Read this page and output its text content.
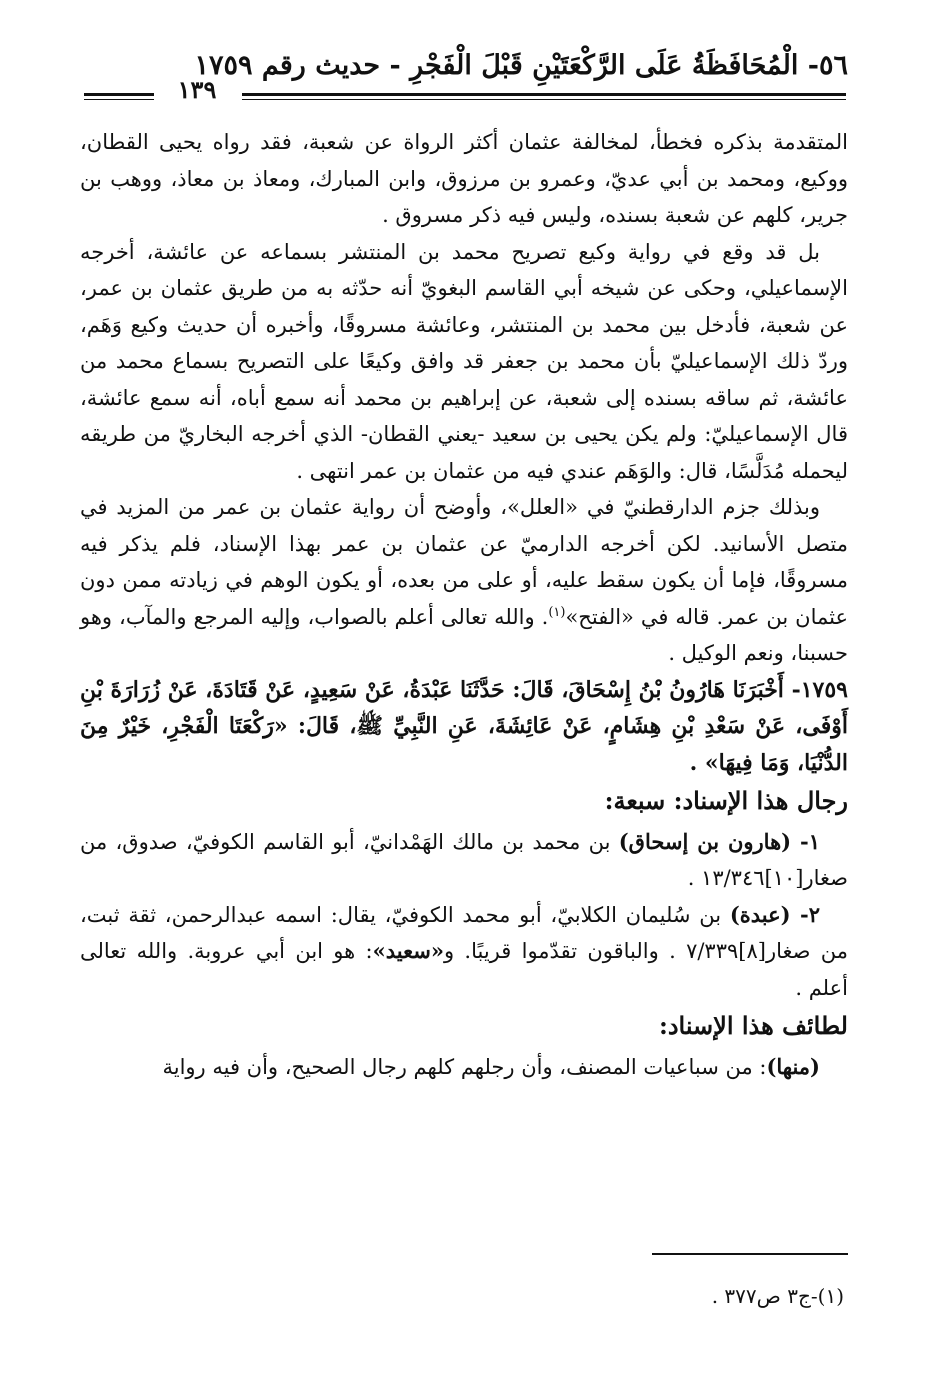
٥٦- الْمُحَافَظَةُ عَلَى الرَّكْعَتَيْنِ قَبْلَ الْفَجْرِ - حديث رقم ١٧٥٩
١٣٩

المتقدمة بذكره فخطأ، لمخالفة عثمان أكثر الرواة عن شعبة، فقد رواه يحيى القطان، ووكيع، ومحمد بن أبي عديّ، وعمرو بن مرزوق، وابن المبارك، ومعاذ بن معاذ، ووهب بن جرير، كلهم عن شعبة بسنده، وليس فيه ذكر مسروق .

بل قد وقع في رواية وكيع تصريح محمد بن المنتشر بسماعه عن عائشة، أخرجه الإسماعيلي، وحكى عن شيخه أبي القاسم البغويّ أنه حدّثه به من طريق عثمان بن عمر، عن شعبة، فأدخل بين محمد بن المنتشر، وعائشة مسروقًا، وأخبره أن حديث وكيع وَهَم، وردّ ذلك الإسماعيليّ بأن محمد بن جعفر قد وافق وكيعًا على التصريح بسماع محمد من عائشة، ثم ساقه بسنده إلى شعبة، عن إبراهيم بن محمد أنه سمع أباه، أنه سمع عائشة، قال الإسماعيليّ: ولم يكن يحيى بن سعيد -يعني القطان- الذي أخرجه البخاريّ من طريقه ليحمله مُدَلَّسًا، قال: والوَهَم عندي فيه من عثمان بن عمر انتهى .

وبذلك جزم الدارقطنيّ في «العلل»، وأوضح أن رواية عثمان بن عمر من المزيد في متصل الأسانيد. لكن أخرجه الدارميّ عن عثمان بن عمر بهذا الإسناد، فلم يذكر فيه مسروقًا، فإما أن يكون سقط عليه، أو على من بعده، أو يكون الوهم في زيادته ممن دون عثمان بن عمر. قاله في «الفتح»$^{(١)}$. والله تعالى أعلم بالصواب، وإليه المرجع والمآب، وهو حسبنا، ونعم الوكيل .

١٧٥٩- أَخْبَرَنَا هَارُونُ بْنُ إِسْحَاقَ، قَالَ: حَدَّثَنَا عَبْدَةُ، عَنْ سَعِيدٍ، عَنْ قَتَادَةَ، عَنْ زُرَارَةَ بْنِ أَوْفَى، عَنْ سَعْدِ بْنِ هِشَامٍ، عَنْ عَائِشَةَ، عَنِ النَّبِيِّ ﷺ، قَالَ: «رَكْعَتَا الْفَجْرِ، خَيْرٌ مِنَ الدُّنْيَا، وَمَا فِيهَا» .

رجال هذا الإسناد: سبعة:

١- (هارون بن إسحاق) بن محمد بن مالك الهَمْدانيّ، أبو القاسم الكوفيّ، صدوق، من صغار[١٠]١٣/٣٤٦ .

٢- (عبدة) بن سُليمان الكلابيّ، أبو محمد الكوفيّ، يقال: اسمه عبدالرحمن، ثقة ثبت، من صغار[٨]٧/٣٣٩ . والباقون تقدّموا قريبًا. و«سعيد»: هو ابن أبي عروبة. والله تعالى أعلم .

لطائف هذا الإسناد:

(منها): من سباعيات المصنف، وأن رجلهم كلهم رجال الصحيح، وأن فيه رواية

(١)-ج٣ ص٣٧٧ .
